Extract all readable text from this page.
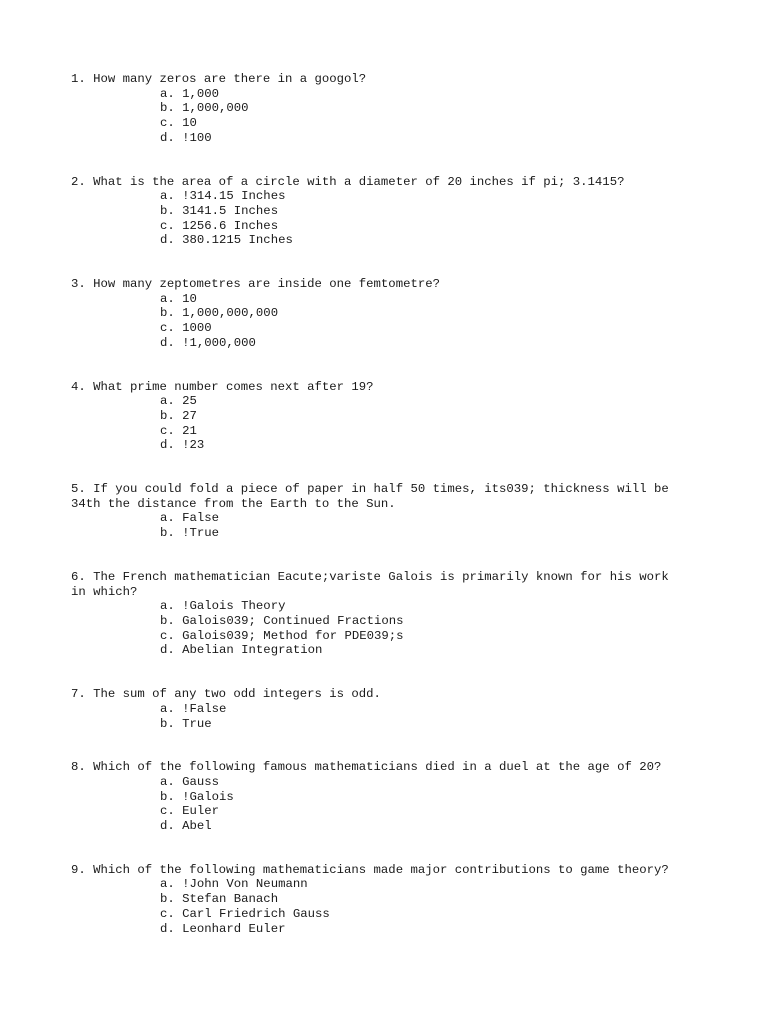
1. How many zeros are there in a googol?

a. 1,000
b. 1,000,000
c. 10
d. !100

2. What is the area of a circle with a diameter of 20 inches if pi; 3.1415?

a. !314.15 Inches
b. 3141.5 Inches
c. 1256.6 Inches
d. 380.1215 Inches

3. How many zeptometres are inside one femtometre?

a. 10
b. 1,000,000,000
c. 1000
d. !1,000,000

4. What prime number comes next after 19?

a. 25
b. 27
c. 21
d. !23

5. If you could fold a piece of paper in half 50 times, its039; thickness will be
34th the distance from the Earth to the Sun.

a. False
b. !True

6. The French mathematician Eacute;variste Galois is primarily known for his work
in which?

a. !Galois Theory
b. Galois039; Continued Fractions
c. Galois039; Method for PDE039;s
d. Abelian Integration

7. The sum of any two odd integers is odd.

a. !False
b. True

8. Which of the following famous mathematicians died in a duel at the age of 20?

a. Gauss
b. !Galois
c. Euler
d. Abel

9. Which of the following mathematicians made major contributions to game theory?

a. !John Von Neumann
b. Stefan Banach
c. Carl Friedrich Gauss
d. Leonhard Euler
